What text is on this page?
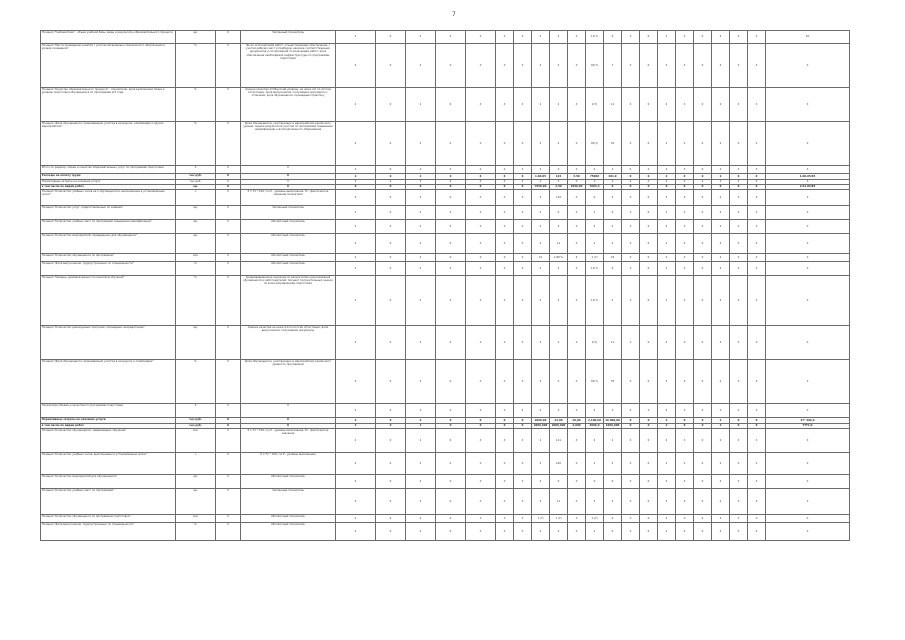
7
Позиция "Учебная база" - объем учебной базы, виды и результаты образовательного процесса	ед.	Х	Численный показатель	2	0	2	0	Х	Х	Х	2	2	Х	11(Y)	0	Х	0	2	Х	0	2	Х	Х	25
Позиция "Места проведения занятий с учетом материально-технического обеспечения и уровня оснащения"	%	Х	Число исполнителей работ, осуществляющих обеспечение, с учетом рабочих мест и приборов; наличие соответствующих документов и согласований по всем видам работ; иное обеспечение необходимой инфраструктуры по программам подготовки	2	0	2	0	Х	Х	Х	2	2	Х	91(Y)	7	Х	0	2	Х	0	2	Х	Х	Х
Позиция "Качество образовательного процесса" - показатели, доля выполнения плана и уровень подготовки обучающихся по программам 2/3 года	%	Х	Оценка качества 2/3 Высокий уровень, не ниже 4,0 по итогам аттестации; доля выпускников, получивших документы с отличием; доля обучающихся, прошедших практику	2	0	2	0	Х	Х	Х	2	2	Х	1(Y)	1.1	Х	0	2	Х	0	2	Х	Х	Х
Позиция "Доля обучающихся, принимающих участие в конкурсах, олимпиадах и других мероприятиях"	%	Х	Доля обучающихся, участвующих в мероприятиях различного уровня; оценка результатов участия по программам повышения квалификации и дополнительного образования	2	0	2	0	Х	Х	Х	2	2	Х	91(Y)	76	Х	0	2	Х	0	2	Х	Х	Х
Итого по разделу: объем и качество образовательных услуг по программам подготовки	Х	Х	Х	2	0	Х	Х	Х	Х	2	2	Х	Х	2	Х	0	Х	2	Х	0	Х	Х	Х	Х
Расходы на оплату труда	тыс.руб.	Х	Х	2	0	2	0	Х	Х	Х	1.00.05	124	3.50	75000	401.9	Х	0	2	Х	0	2	Х	Х	1.00.05/65
Нормативные затраты на оказание услуги	тыс.руб.	Х	Х	Х	Х	Х	Х	Х	Х	Х	Х	Х	Х	Х	Х	Х	Х	Х	Х	Х	Х	Х	Х	Х
в том числе по видам работ	ед.	Х	Х	Х	Х	Х	Х	Х	Х	Х	7956,00	3,59	1956,00	7603,3	Х	Х	0	Х	Х	Х	Х	Х	Х	2.01.84/85
Позиция "Количество учебных часов на 1 обучающегося, выполненных в установленные сроки"	ч	Х	Р = Fx * 100 / ns P - уровень выполнения, Fx - фактическое значение показателя	2	0	2	0	Х	Х	Х	2	116	Х	0	2	Х	0	2	Х	0	2	Х	Х	Х
Позиция "Количество услуг, предоставленных по заявкам"	ед.	Х	Численный показатель	2	0	2	0	Х	Х	Х	2	0	Х	2	0	Х	0	2	Х	0	2	Х	Х	Х
Позиция "Количество учебных мест по программам повышения квалификации"	ед.	Х	Абсолютный показатель	2	0	2	0	Х	Х	Х	2	2	Х	2	2	Х	0	2	Х	0	2	Х	Х	Х
Позиция "Количество мероприятий, проведенных для обучающихся"	ед.	Х	Абсолютный показатель	2	0	2	0	Х	Х	Х	2	11	Х	2	2	Х	0	2	Х	0	2	Х	Х	Х
Позиция "Количество обучающихся по программам"	чел.	Х	Абсолютный показатель	2	0	2	0	Х	Х	Х	21	1,89 %	4	1 (Y)	43	Х	0	2	Х	0	2	Х	Х	Х
Позиция "Доля выпускников, трудоустроенных по специальности"	%	Х	Абсолютный показатель	2	0	2	0	Х	Х	Х	2	2	Х	11(Y)	0	Х	0	2	Х	0	2	Х	Х	Х
Позиция "Уровень удовлетворенности качеством обучения"	%	Х	Средневзвешенное значение по результатам анкетирования обучающихся и работодателей; процент положительных оценок по всем направлениям подготовки	2	0	2	0	Х	Х	Х	2	2	Х	11(Y)	2	Х	0	2	Х	0	2	Х	Х	Х
Позиция "Количество реализуемых программ, прошедших аккредитацию"	ед.	Х	Оценка качества не ниже 4,0 по итогам аттестации; доля выпускников, получивших документы	2	0	2	0	Х	Х	Х	2	2	Х	1(Y)	1.1	Х	0	2	Х	0	2	Х	Х	Х
Позиция "Доля обучающихся, принимающих участие в конкурсах и олимпиадах"	%	Х	Доля обучающихся, участвующих в мероприятиях различного уровня по программам	2	0	2	0	Х	Х	Х	2	2	Х	91(Y)	76	Х	0	2	Х	0	2	Х	Х	Х
Показатели объема и качества по программам подготовки	Х	Х	Х	2	0	Х	Х	Х	Х	2	2	Х	Х	2	Х	0	Х	2	Х	0	Х	Х	Х	Х
Нормативные затраты на оказание услуги	тыс.руб.	Х	Х	2	0	2	0	Х	Х	Х	2000,00	23,00	20,00	2,100,00	10 000,00	Х	0	2	Х	0	2	Х	Х	27* 200,0
в том числе по видам работ	тыс.руб.	Х	Х	2	0	2	0	Х	Х	Х	2000,000	2000,000	2,000	2000,0	1000,000	Х	0	2	Х	0	2	Х	Х	ТТТС,0
Позиция "Количество обучающихся, завершивших обучение"	чел.	Х	Р = Fx * 100 / ns P - уровень выполнения, Fx - фактическое значение	2	0	2	0	Х	Х	Х	2	111	Х	2	2	Х	0	2	Х	0	2	Х	Х	Х
Позиция "Количество учебных часов, выполненных в установленные сроки"	ч	Х	Р = Fx * 100 / ns P - уровень выполнения	2	0	2	0	Х	Х	Х	2	100	Х	2	2	Х	0	2	Х	0	2	Х	Х	Х
Позиция "Количество мероприятий для обучающихся"	ед.	Х	Абсолютный показатель	2	0	2	0	Х	Х	Х	2	0	Х	0	0	Х	0	2	Х	0	2	Х	Х	Х
Позиция "Количество учебных мест по программам"	ед.	Х	Численный показатель	2	0	2	0	Х	Х	Х	2	11	Х	2	2	Х	0	2	Х	0	2	Х	Х	Х
Позиция "Количество обучающихся по программам подготовки"	чел.	Х	Абсолютный показатель	2	0	2	0	Х	Х	Х	1 (Y)	1 (Y)	Х	1 (Y)	0	Х	0	2	Х	0	2	Х	Х	Х
Позиция "Доля выпускников, трудоустроенных по специальности"	%	Х	Абсолютный показатель	2	0	2	0	Х	Х	Х	2	2	Х	2	0	Х	0	2	Х	0	2	Х	Х	Х
